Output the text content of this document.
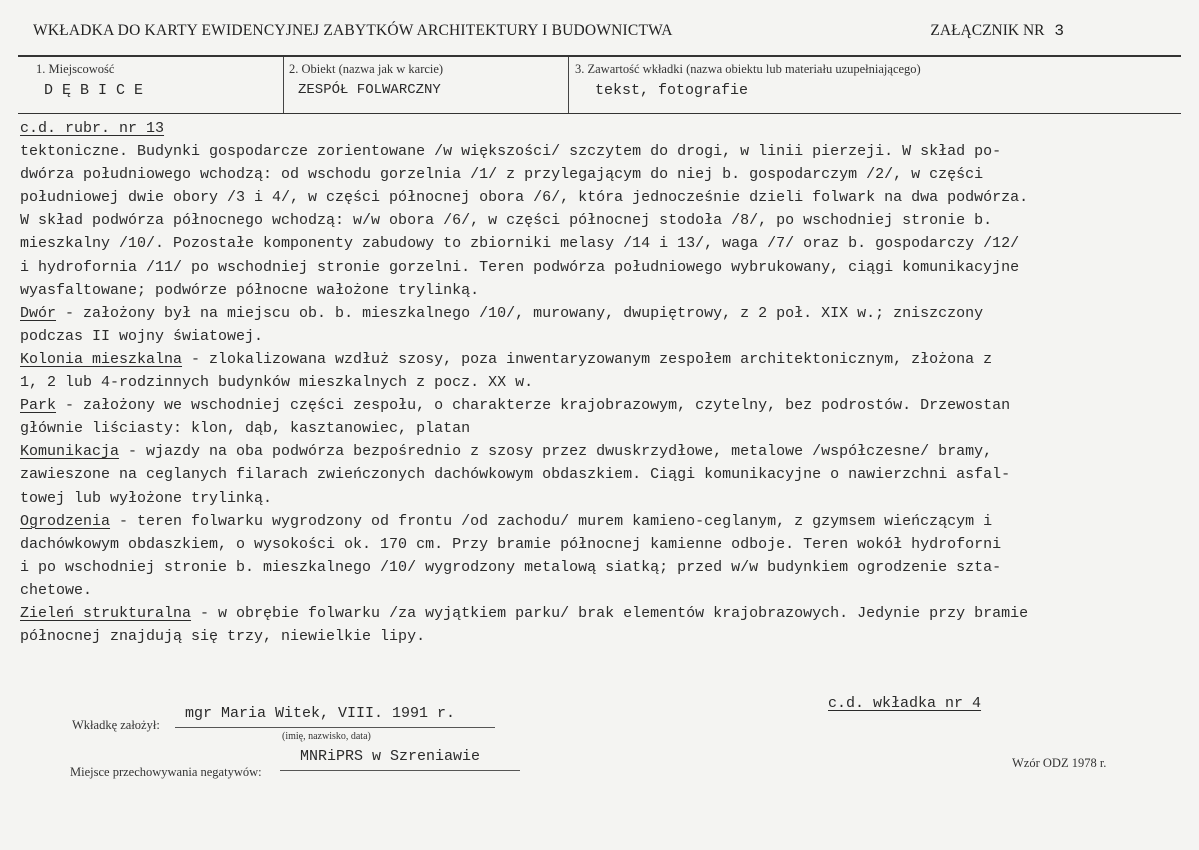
WKŁADKA DO KARTY EWIDENCYJNEJ ZABYTKÓW ARCHITEKTURY I BUDOWNICTWA	ZAŁĄCZNIK NR 3
1. Miejscowość
D Ę B I C E
2. Obiekt (nazwa jak w karcie)
ZESPÓŁ FOLWARCZNY
3. Zawartość wkładki (nazwa obiektu lub materiału uzupełniającego)
tekst, fotografie
c.d. rubr. nr 13
tektoniczne. Budynki gospodarcze zorientowane /w większości/ szczytem do drogi, w linii pierzeji. W skład po-
dwórza południowego wchodzą: od wschodu gorzelnia /1/ z przylegającym do niej b. gospodarczym /2/, w części
południowej dwie obory /3 i 4/, w części północnej obora /6/, która jednocześnie dzieli folwark na dwa podwórza.
W skład podwórza północnego wchodzą: w/w obora /6/, w części północnej stodoła /8/, po wschodniej stronie b.
mieszkalny /10/. Pozostałe komponenty zabudowy to zbiorniki melasy /14 i 13/, waga /7/ oraz b. gospodarczy /12/
i hydrofornia /11/ po wschodniej stronie gorzelni. Teren podwórza południowego wybrukowany, ciągi komunikacyjne
wyasfaltowane; podwórze północne wałożone trylinką.
Dwór - założony był na miejscu ob. b. mieszkalnego /10/, murowany, dwupiętrowy, z 2 poł. XIX w.; zniszczony
podczas II wojny światowej.
Kolonia mieszkalna - zlokalizowana wzdłuż szosy, poza inwentaryzowanym zespołem architektonicznym, złożona z
1, 2 lub 4-rodzinnych budynków mieszkalnych z pocz. XX w.
Park - założony we wschodniej części zespołu, o charakterze krajobrazowym, czytelny, bez podrostów. Drzewostan
głównie liściasty: klon, dąb, kasztanowiec, platan
Komunikacja - wjazdy na oba podwórza bezpośrednio z szosy przez dwuskrzydłowe, metalowe /współczesne/ bramy,
zawieszone na ceglanych filarach zwieńczonych dachówkowym obdaszkiem. Ciągi komunikacyjne o nawierzchni asfal-
towej lub wyłożone trylinką.
Ogrodzenia - teren folwarku wygrodzony od frontu /od zachodu/ murem kamieno-ceglanym, z gzymsem wieńczącym i
dachówkowym obdaszkiem, o wysokości ok. 170 cm. Przy bramie północnej kamienne odboje. Teren wokół hydroforni
i po wschodniej stronie b. mieszkalnego /10/ wygrodzony metalową siatką; przed w/w budynkiem ogrodzenie szta-
chetowe.
Zieleń strukturalna - w obrębie folwarku /za wyjątkiem parku/ brak elementów krajobrazowych. Jedynie przy bramie
północnej znajdują się trzy, niewielkie lipy.
Wkładkę założył:
mgr Maria Witek, VIII. 1991 r.
(imię, nazwisko, data)
Miejsce przechowywania negatywów:
MNRiPRS w Szreniawie
c.d. wkładka nr 4
Wzór ODZ 1978 r.
